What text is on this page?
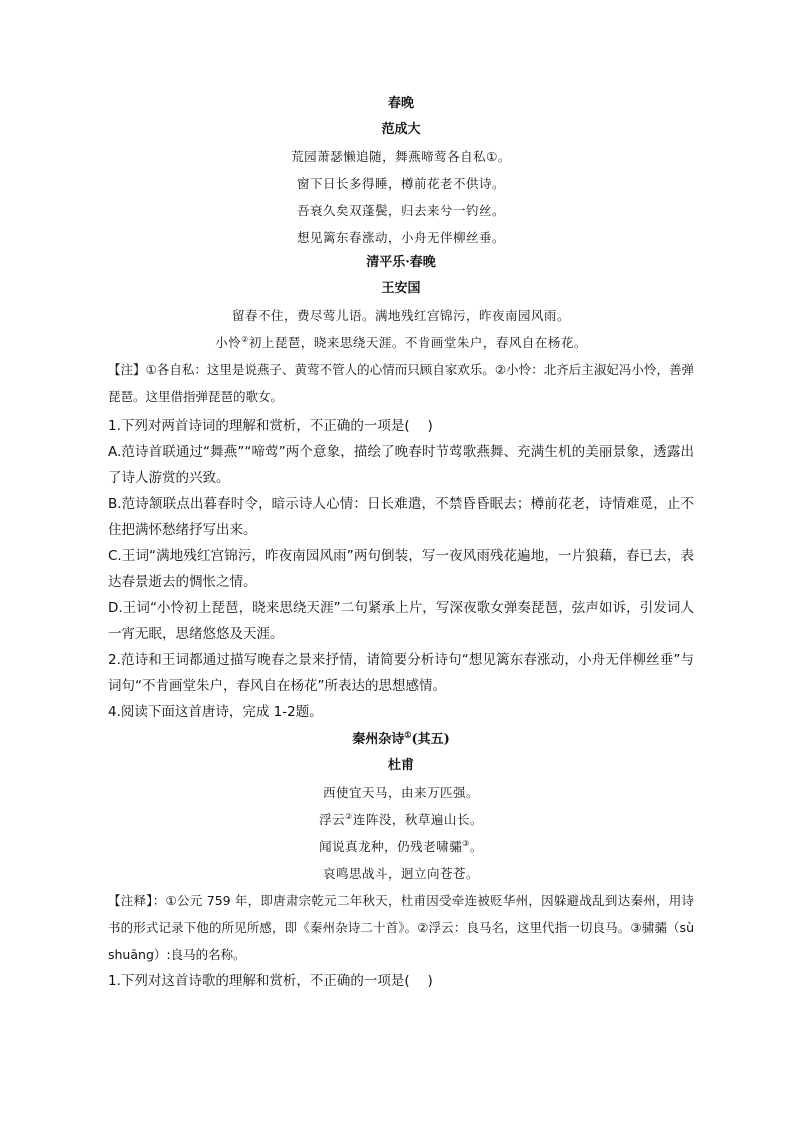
春晚

范成大

荒园萧瑟懒追随，舞燕啼莺各自私①。

窗下日长多得睡，樽前花老不供诗。

吾衰久矣双蓬鬓，归去来兮一钓丝。

想见篱东春涨动，小舟无伴柳丝垂。

清平乐·春晚

王安国

留春不住，费尽莺儿语。满地残红宫锦污，昨夜南园风雨。

小怜②初上琵琶，晓来思绕天涯。不肯画堂朱户，春风自在杨花。

【注】①各自私：这里是说燕子、黄莺不管人的心情而只顾自家欢乐。②小怜：北齐后主淑妃冯小怜，善弹琵琶。这里借指弹琵琶的歌女。

1.下列对两首诗词的理解和赏析，不正确的一项是(　 )

A.范诗首联通过“舞燕”“啼莺”两个意象，描绘了晚春时节莺歌燕舞、充满生机的美丽景象，透露出了诗人游赏的兴致。

B.范诗颔联点出暮春时令，暗示诗人心情：日长难遣，不禁昏昏眠去；樽前花老，诗情难觅，止不住把满怀愁绪抒写出来。

C.王词“满地残红宫锦污，昨夜南园风雨”两句倒装，写一夜风雨残花遍地，一片狼藉，春已去，表达春景逝去的惆怅之情。

D.王词“小怜初上琵琶，晓来思绕天涯”二句紧承上片，写深夜歌女弹奏琵琶，弦声如诉，引发词人一宵无眠，思绪悠悠及天涯。

2.范诗和王词都通过描写晚春之景来抒情，请简要分析诗句“想见篱东春涨动，小舟无伴柳丝垂”与词句“不肯画堂朱户，春风自在杨花”所表达的思想感情。

4.阅读下面这首唐诗，完成 1-2题。

秦州杂诗①(其五)

杜甫

西使宜天马，由来万匹强。

浮云②连阵没，秋草遍山长。

闻说真龙种，仍残老啸骦③。

哀鸣思战斗，迥立向苍苍。

【注释】：①公元 759 年，即唐肃宗乾元二年秋天，杜甫因受牵连被贬华州，因躲避战乱到达秦州，用诗书的形式记录下他的所见所感，即《秦州杂诗二十首》。②浮云：良马名，这里代指一切良马。③骕骦（sù shuāng）:良马的名称。

1.下列对这首诗歌的理解和赏析，不正确的一项是(　 )
